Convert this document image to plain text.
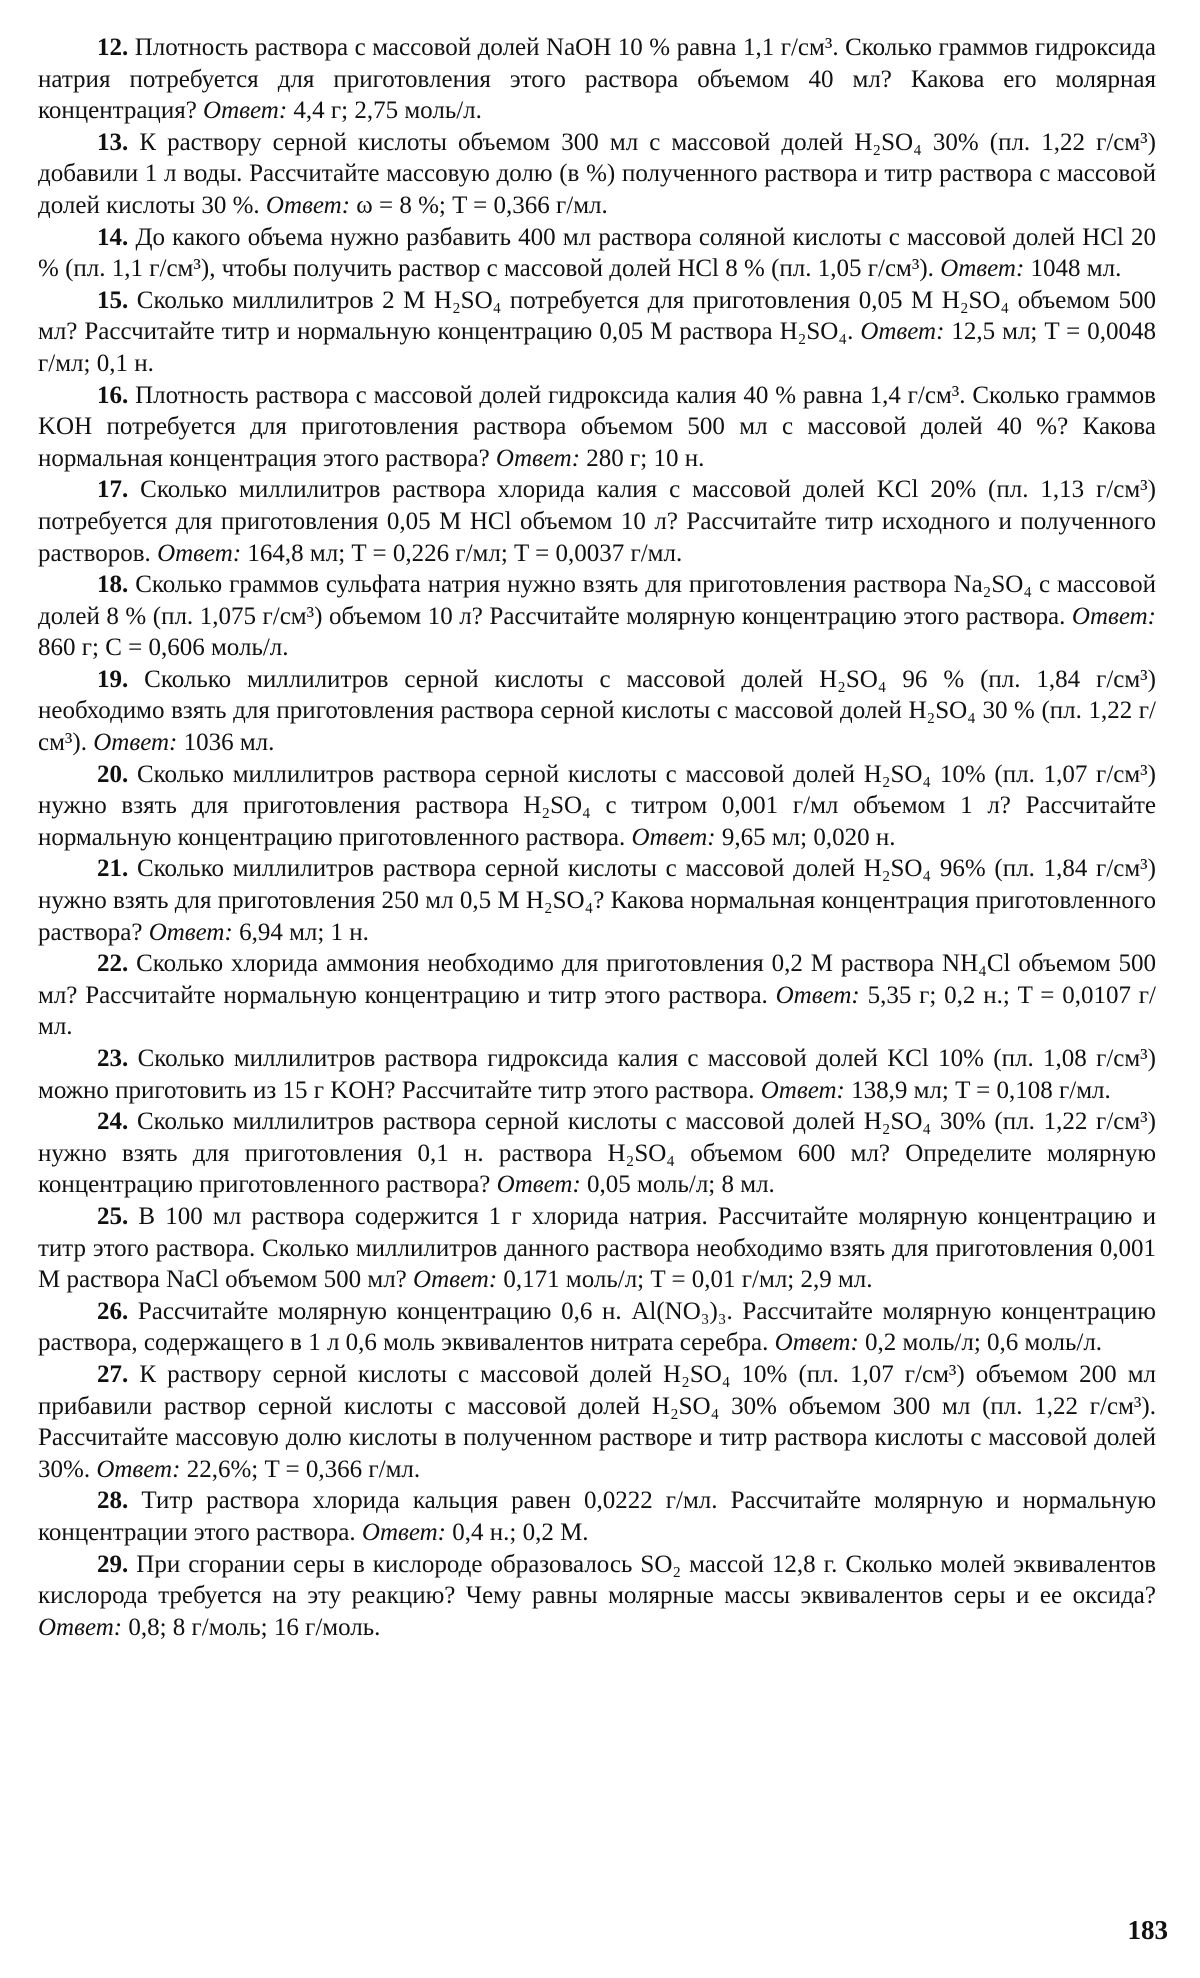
12. Плотность раствора с массовой долей NaOH 10 % равна 1,1 г/см³. Сколько граммов гидроксида натрия потребуется для приготовления этого раствора объемом 40 мл? Какова его молярная концентрация? Ответ: 4,4 г; 2,75 моль/л.

13. К раствору серной кислоты объемом 300 мл с массовой долей H₂SO₄ 30% (пл. 1,22 г/см³) добавили 1 л воды. Рассчитайте массовую долю (в %) полученного раствора и титр раствора с массовой долей кислоты 30 %. Ответ: ω = 8 %; T = 0,366 г/мл.

14. До какого объема нужно разбавить 400 мл раствора соляной кислоты с массовой долей HCl 20 % (пл. 1,1 г/см³), чтобы получить раствор с массовой долей HCl 8 % (пл. 1,05 г/см³). Ответ: 1048 мл.

15. Сколько миллилитров 2 M H₂SO₄ потребуется для приготовления 0,05 M H₂SO₄ объемом 500 мл? Рассчитайте титр и нормальную концентрацию 0,05 M раствора H₂SO₄. Ответ: 12,5 мл; T = 0,0048 г/мл; 0,1 н.

16. Плотность раствора с массовой долей гидроксида калия 40 % равна 1,4 г/см³. Сколько граммов KOH потребуется для приготовления раствора объемом 500 мл с массовой долей 40 %? Какова нормальная концентрация этого раствора? Ответ: 280 г; 10 н.

17. Сколько миллилитров раствора хлорида калия с массовой долей KCl 20% (пл. 1,13 г/см³) потребуется для приготовления 0,05 M HCl объемом 10 л? Рассчитайте титр исходного и полученного растворов. Ответ: 164,8 мл; T = 0,226 г/мл; T = 0,0037 г/мл.

18. Сколько граммов сульфата натрия нужно взять для приготовления раствора Na₂SO₄ с массовой долей 8 % (пл. 1,075 г/см³) объемом 10 л? Рассчитайте молярную концентрацию этого раствора. Ответ: 860 г; C = 0,606 моль/л.

19. Сколько миллилитров серной кислоты с массовой долей H₂SO₄ 96 % (пл. 1,84 г/см³) необходимо взять для приготовления раствора серной кислоты с массовой долей H₂SO₄ 30 % (пл. 1,22 г/см³). Ответ: 1036 мл.

20. Сколько миллилитров раствора серной кислоты с массовой долей H₂SO₄ 10% (пл. 1,07 г/см³) нужно взять для приготовления раствора H₂SO₄ с титром 0,001 г/мл объемом 1 л? Рассчитайте нормальную концентрацию приготовленного раствора. Ответ: 9,65 мл; 0,020 н.

21. Сколько миллилитров раствора серной кислоты с массовой долей H₂SO₄ 96% (пл. 1,84 г/см³) нужно взять для приготовления 250 мл 0,5 M H₂SO₄? Какова нормальная концентрация приготовленного раствора? Ответ: 6,94 мл; 1 н.

22. Сколько хлорида аммония необходимо для приготовления 0,2 M раствора NH₄Cl объемом 500 мл? Рассчитайте нормальную концентрацию и титр этого раствора. Ответ: 5,35 г; 0,2 н.; T = 0,0107 г/мл.

23. Сколько миллилитров раствора гидроксида калия с массовой долей KCl 10% (пл. 1,08 г/см³) можно приготовить из 15 г KOH? Рассчитайте титр этого раствора. Ответ: 138,9 мл; T = 0,108 г/мл.

24. Сколько миллилитров раствора серной кислоты с массовой долей H₂SO₄ 30% (пл. 1,22 г/см³) нужно взять для приготовления 0,1 н. раствора H₂SO₄ объемом 600 мл? Определите молярную концентрацию приготовленного раствора? Ответ: 0,05 моль/л; 8 мл.

25. В 100 мл раствора содержится 1 г хлорида натрия. Рассчитайте молярную концентрацию и титр этого раствора. Сколько миллилитров данного раствора необходимо взять для приготовления 0,001 M раствора NaCl объемом 500 мл? Ответ: 0,171 моль/л; T = 0,01 г/мл; 2,9 мл.

26. Рассчитайте молярную концентрацию 0,6 н. Al(NO₃)₃. Рассчитайте молярную концентрацию раствора, содержащего в 1 л 0,6 моль эквивалентов нитрата серебра. Ответ: 0,2 моль/л; 0,6 моль/л.

27. К раствору серной кислоты с массовой долей H₂SO₄ 10% (пл. 1,07 г/см³) объемом 200 мл прибавили раствор серной кислоты с массовой долей H₂SO₄ 30% объемом 300 мл (пл. 1,22 г/см³). Рассчитайте массовую долю кислоты в полученном растворе и титр раствора кислоты с массовой долей 30%. Ответ: 22,6%; T = 0,366 г/мл.

28. Титр раствора хлорида кальция равен 0,0222 г/мл. Рассчитайте молярную и нормальную концентрации этого раствора. Ответ: 0,4 н.; 0,2 M.

29. При сгорании серы в кислороде образовалось SO₂ массой 12,8 г. Сколько молей эквивалентов кислорода требуется на эту реакцию? Чему равны молярные массы эквивалентов серы и ее оксида? Ответ: 0,8; 8 г/моль; 16 г/моль.

183
